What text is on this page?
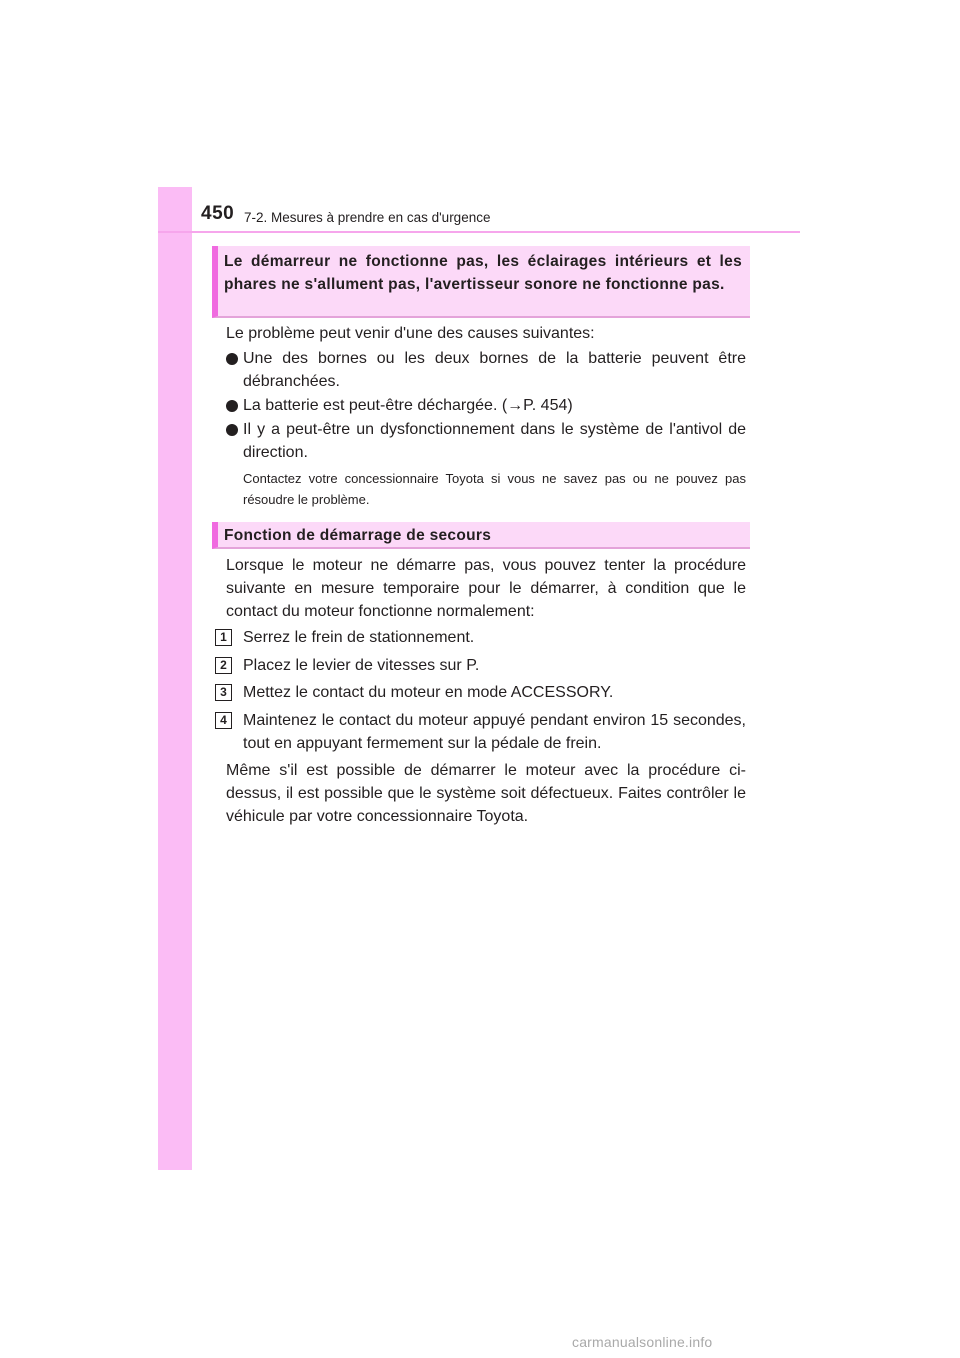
450 7-2. Mesures à prendre en cas d'urgence
Le démarreur ne fonctionne pas, les éclairages intérieurs et les phares ne s'allument pas, l'avertisseur sonore ne fonctionne pas.
Le problème peut venir d'une des causes suivantes:
Une des bornes ou les deux bornes de la batterie peuvent être débranchées.
La batterie est peut-être déchargée. (→P. 454)
Il y a peut-être un dysfonctionnement dans le système de l'antivol de direction.
Contactez votre concessionnaire Toyota si vous ne savez pas ou ne pouvez pas résoudre le problème.
Fonction de démarrage de secours
Lorsque le moteur ne démarre pas, vous pouvez tenter la procédure suivante en mesure temporaire pour le démarrer, à condition que le contact du moteur fonctionne normalement:
1	Serrez le frein de stationnement.
2	Placez le levier de vitesses sur P.
3	Mettez le contact du moteur en mode ACCESSORY.
4	Maintenez le contact du moteur appuyé pendant environ 15 secondes, tout en appuyant fermement sur la pédale de frein.
Même s'il est possible de démarrer le moteur avec la procédure ci-dessus, il est possible que le système soit défectueux. Faites contrôler le véhicule par votre concessionnaire Toyota.
carmanualsonline.info
